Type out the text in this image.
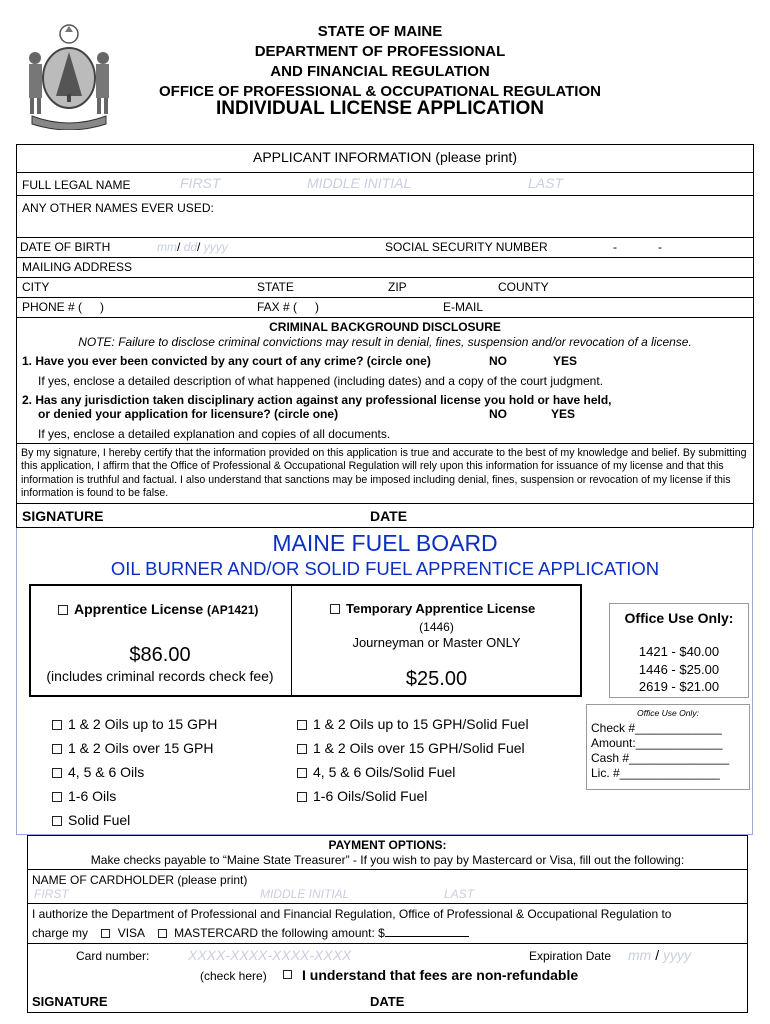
STATE OF MAINE
DEPARTMENT OF PROFESSIONAL
AND FINANCIAL REGULATION
OFFICE OF PROFESSIONAL & OCCUPATIONAL REGULATION
INDIVIDUAL LICENSE APPLICATION
APPLICANT INFORMATION (please print)
FULL LEGAL NAME	FIRST	MIDDLE INITIAL	LAST
ANY OTHER NAMES EVER USED:
DATE OF BIRTH	mm/ dd/ yyyy	SOCIAL SECURITY NUMBER	-	-
MAILING ADDRESS
CITY	STATE	ZIP	COUNTY
PHONE # ( )	FAX # ( )	E-MAIL
CRIMINAL BACKGROUND DISCLOSURE
NOTE: Failure to disclose criminal convictions may result in denial, fines, suspension and/or revocation of a license.
1. Have you ever been convicted by any court of any crime? (circle one)	NO	YES
If yes, enclose a detailed description of what happened (including dates) and a copy of the court judgment.
2. Has any jurisdiction taken disciplinary action against any professional license you hold or have held,
or denied your application for licensure? (circle one)	NO	YES
If yes, enclose a detailed explanation and copies of all documents.
By my signature, I hereby certify that the information provided on this application is true and accurate to the best of my knowledge and belief. By submitting this application, I affirm that the Office of Professional & Occupational Regulation will rely upon this information for issuance of my license and that this information is truthful and factual. I also understand that sanctions may be imposed including denial, fines, suspension or revocation of my license if this information is found to be false.
SIGNATURE	DATE
MAINE FUEL BOARD
OIL BURNER AND/OR SOLID FUEL APPRENTICE APPLICATION
Apprentice License (AP1421)
$86.00
(includes criminal records check fee)
Temporary Apprentice License
(1446)
Journeyman or Master ONLY
$25.00
Office Use Only:
1421 - $40.00
1446 - $25.00
2619 - $21.00
1 & 2 Oils up to 15 GPH
1 & 2 Oils over 15 GPH
4, 5 & 6 Oils
1-6 Oils
Solid Fuel
1 & 2 Oils up to 15 GPH/Solid Fuel
1 & 2 Oils over 15 GPH/Solid Fuel
4, 5 & 6 Oils/Solid Fuel
1-6 Oils/Solid Fuel
Office Use Only:
Check #_____________
Amount:_____________
Cash #_______________
Lic. #_______________
PAYMENT OPTIONS:
Make checks payable to “Maine State Treasurer” - If you wish to pay by Mastercard or Visa, fill out the following:
NAME OF CARDHOLDER (please print)
FIRST	MIDDLE INITIAL	LAST
I authorize the Department of Professional and Financial Regulation, Office of Professional & Occupational Regulation to
charge my VISA MASTERCARD the following amount: $
Card number:	XXXX-XXXX-XXXX-XXXX	Expiration Date mm / yyyy
(check here)	I understand that fees are non-refundable
SIGNATURE	DATE
